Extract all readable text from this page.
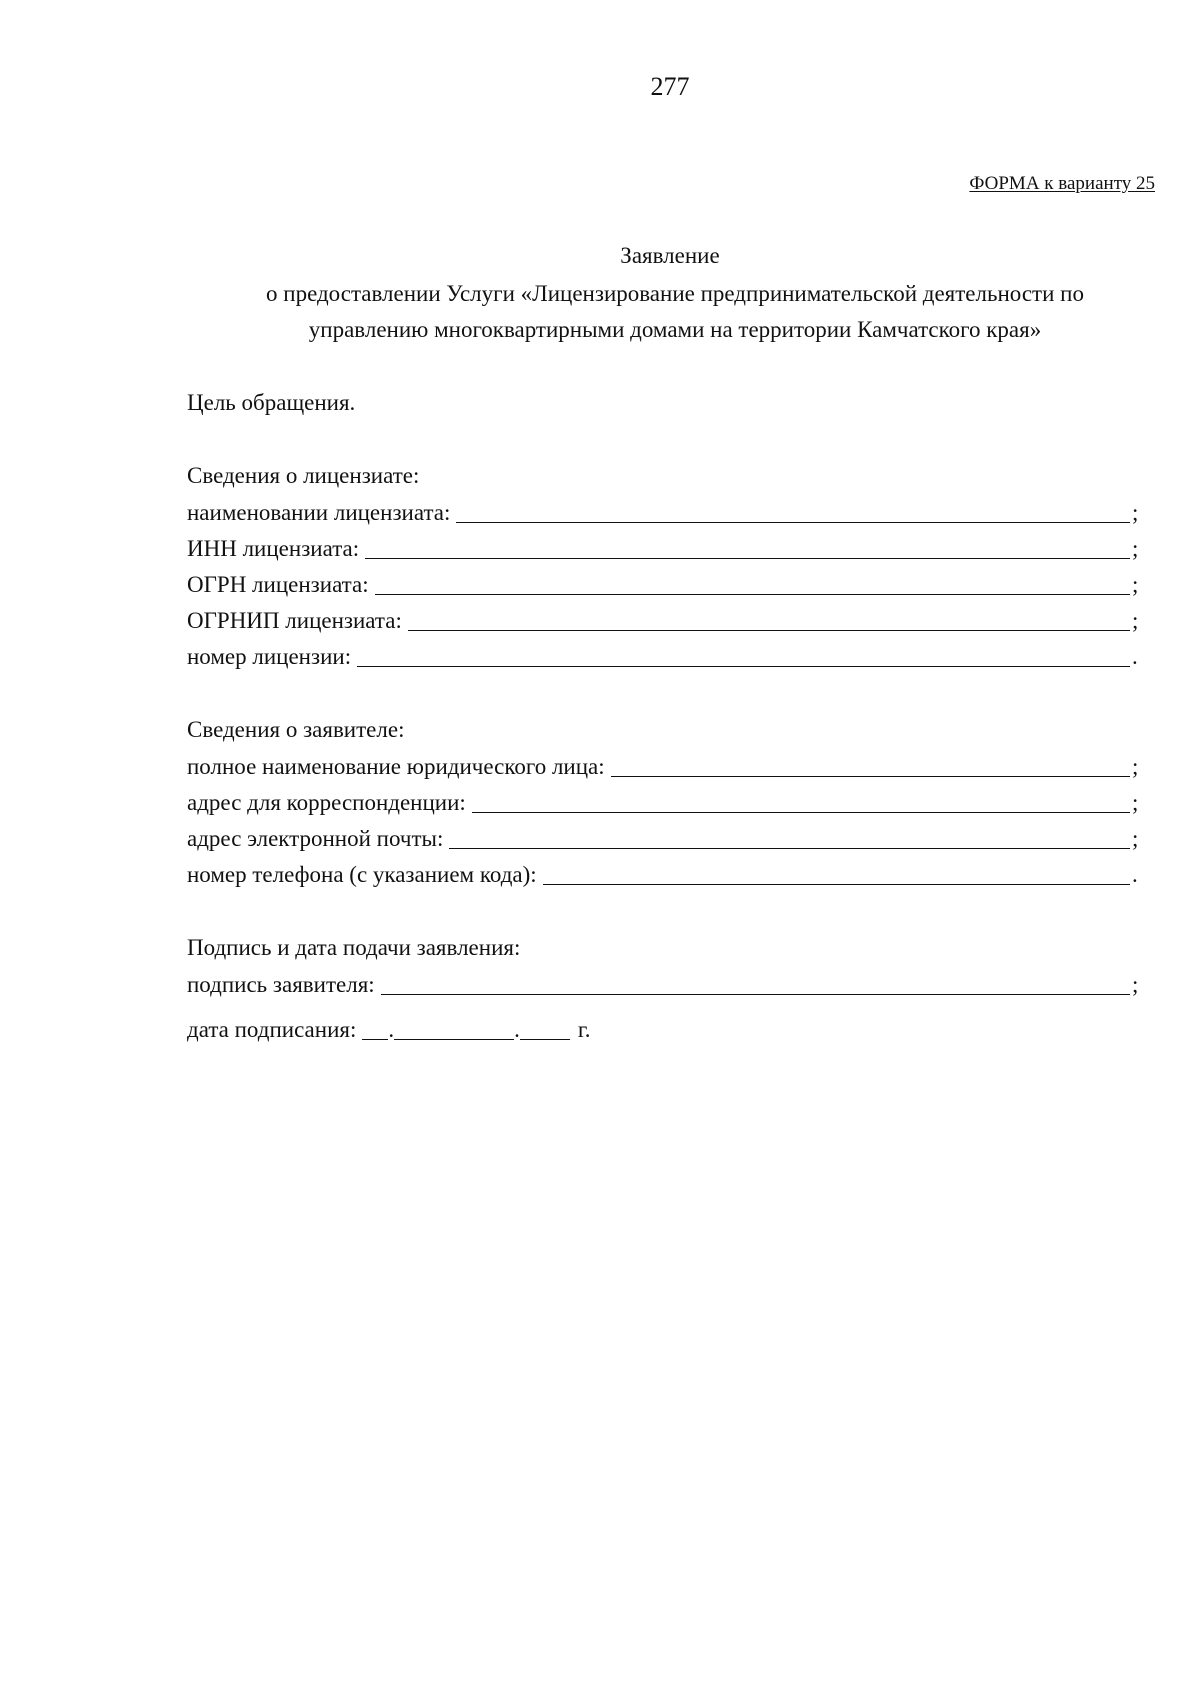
277
ФОРМА к варианту 25
Заявление
о предоставлении Услуги «Лицензирование предпринимательской деятельности по управлению многоквартирными домами на территории Камчатского края»
Цель обращения.
Сведения о лицензиате:
наименовании лицензиата:	;
ИНН лицензиата:	;
ОГРН лицензиата:	;
ОГРНИП лицензиата:	;
номер лицензии:	.
Сведения о заявителе:
полное наименование юридического лица:	;
адрес для корреспонденции:	;
адрес электронной почты:	;
номер телефона (с указанием кода):	.
Подпись и дата подачи заявления:
подпись заявителя:	;
дата подписания: .	.	г.
